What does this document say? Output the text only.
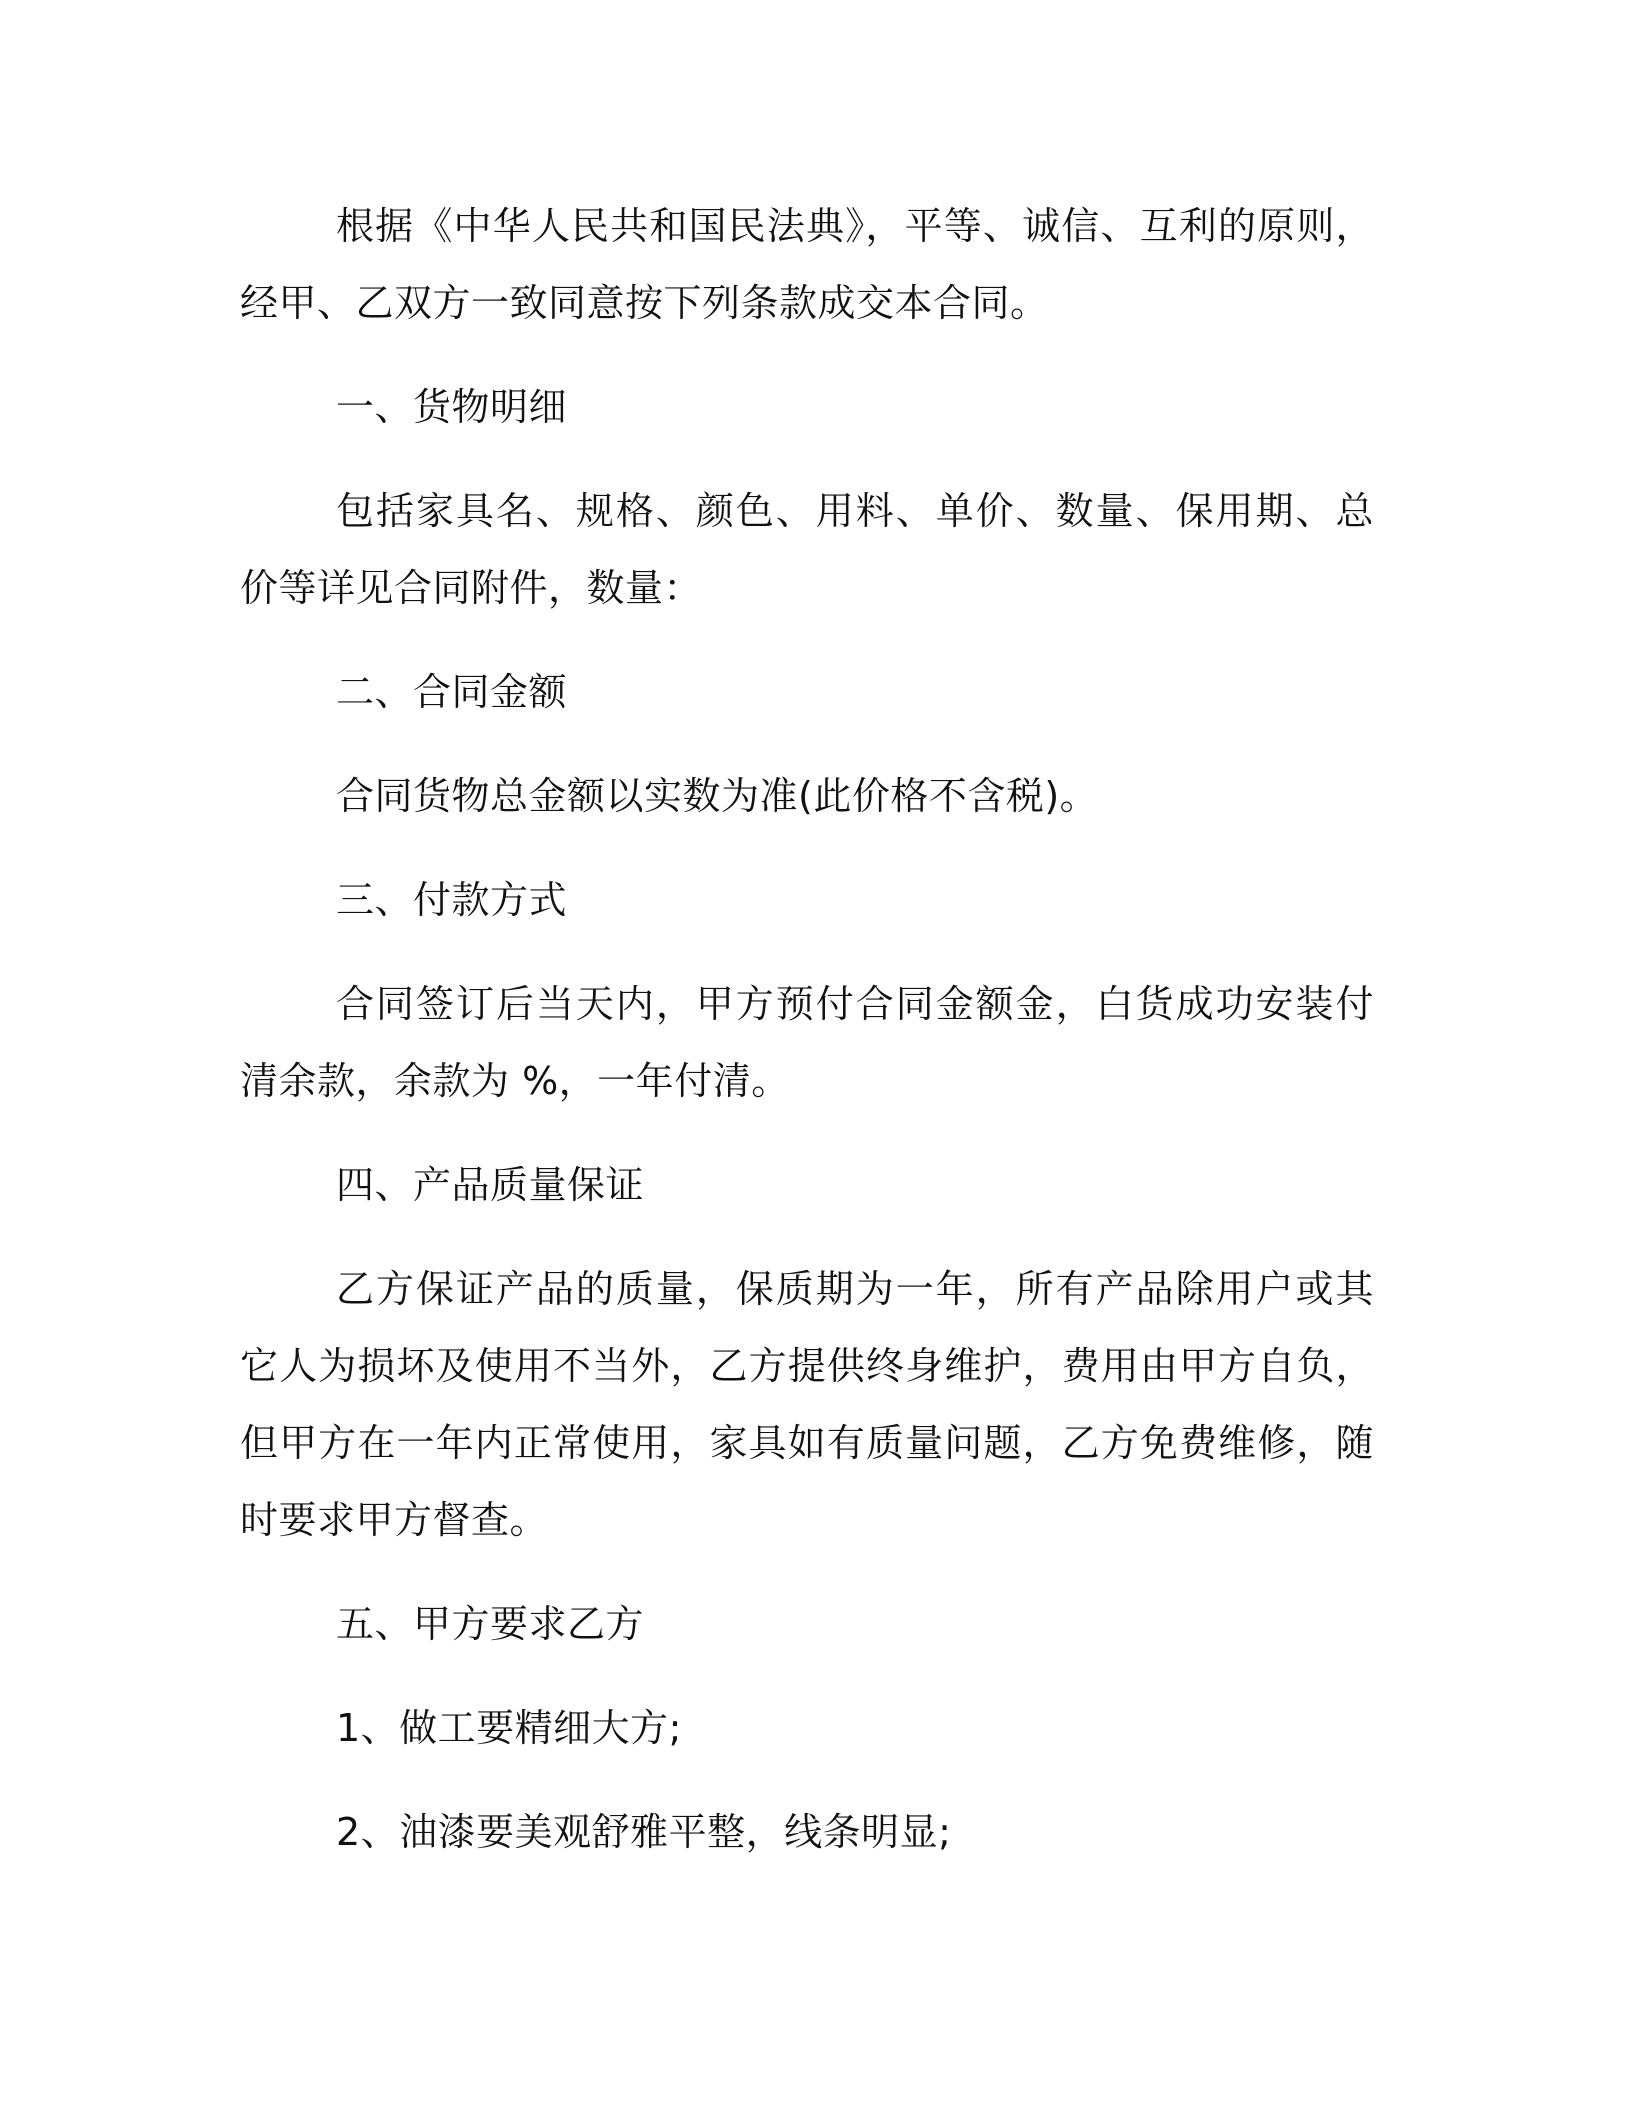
根据《中华人民共和国民法典》，平等、诚信、互利的原则，经甲、乙双方一致同意按下列条款成交本合同。

一、货物明细

包括家具名、规格、颜色、用料、单价、数量、保用期、总价等详见合同附件，数量：

二、合同金额

合同货物总金额以实数为准(此价格不含税)。

三、付款方式

合同签订后当天内，甲方预付合同金额金，白货成功安装付清余款，余款为 %，一年付清。

四、产品质量保证

乙方保证产品的质量，保质期为一年，所有产品除用户或其它人为损坏及使用不当外，乙方提供终身维护，费用由甲方自负，但甲方在一年内正常使用，家具如有质量问题，乙方免费维修，随时要求甲方督查。

五、甲方要求乙方

1、做工要精细大方;

2、油漆要美观舒雅平整，线条明显;
